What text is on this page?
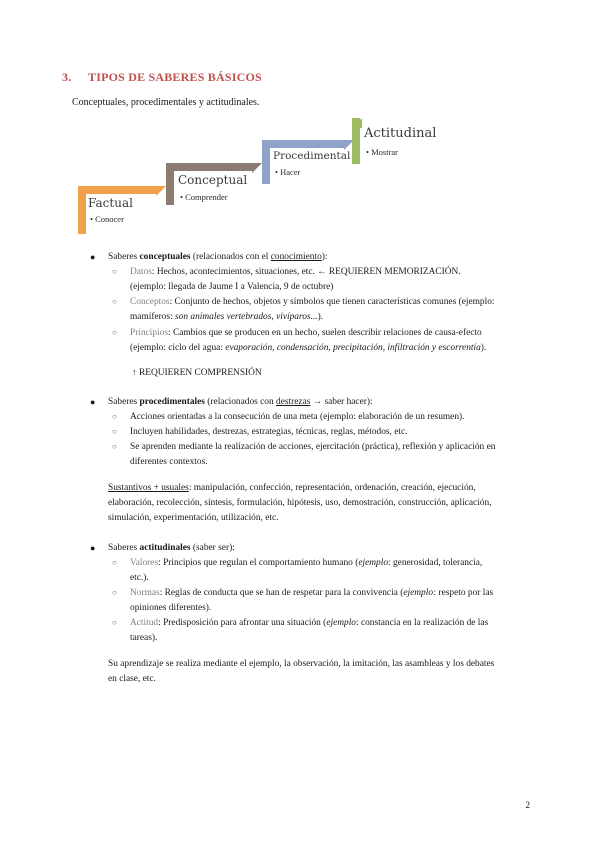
3. TIPOS DE SABERES BÁSICOS
Conceptuales, procedimentales y actitudinales.
Factual
• Conocer
Conceptual
• Comprender
Procedimental
• Hacer
Actitudinal
• Mostrar
● Saberes conceptuales (relacionados con el conocimiento):
○ Datos: Hechos, acontecimientos, situaciones, etc. ← REQUIEREN MEMORIZACIÓN.
(ejemplo: llegada de Jaume I a Valencia, 9 de octubre)
○ Conceptos: Conjunto de hechos, objetos y símbolos que tienen características comunes (ejemplo:
mamíferos: son animales vertebrados, vivíparos...).
○ Principios: Cambios que se producen en un hecho, suelen describir relaciones de causa-efecto
(ejemplo: ciclo del agua: evaporación, condensación, precipitación, infiltración y escorrentía).
↑ REQUIEREN COMPRENSIÓN
● Saberes procedimentales (relacionados con destrezas → saber hacer):
○ Acciones orientadas a la consecución de una meta (ejemplo: elaboración de un resumen).
○ Incluyen habilidades, destrezas, estrategias, técnicas, reglas, métodos, etc.
○ Se aprenden mediante la realización de acciones, ejercitación (práctica), reflexión y aplicación en
diferentes contextos.
Sustantivos + usuales: manipulación, confección, representación, ordenación, creación, ejecución,
elaboración, recolección, síntesis, formulación, hipótesis, uso, demostración, construcción, aplicación,
simulación, experimentación, utilización, etc.
● Saberes actitudinales (saber ser):
○ Valores: Principios que regulan el comportamiento humano (ejemplo: generosidad, tolerancia,
etc.).
○ Normas: Reglas de conducta que se han de respetar para la convivencia (ejemplo: respeto por las
opiniones diferentes).
○ Actitud: Predisposición para afrontar una situación (ejemplo: constancia en la realización de las
tareas).
Su aprendizaje se realiza mediante el ejemplo, la observación, la imitación, las asambleas y los debates
en clase, etc.
2
